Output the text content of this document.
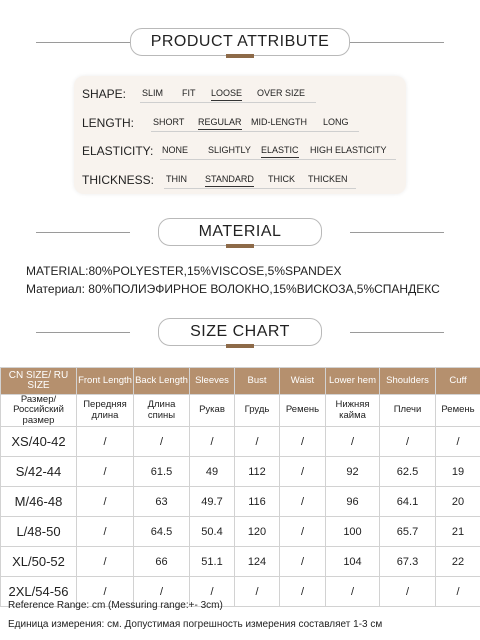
PRODUCT ATTRIBUTE
SHAPE: SLIM FIT LOOSE OVER SIZE
LENGTH: SHORT REGULAR MID-LENGTH LONG
ELASTICITY: NONE SLIGHTLY ELASTIC HIGH ELASTICITY
THICKNESS: THIN STANDARD THICK THICKEN
MATERIAL
MATERIAL:80%POLYESTER,15%VISCOSE,5%SPANDEX
Материал: 80%ПОЛИЭФИРНОЕ ВОЛОКНО,15%ВИСКОЗА,5%СПАНДЕКС
SIZE CHART
CN SIZE/ RU SIZE	Front Length	Back Length	Sleeves	Bust	Waist	Lower hem	Shoulders	Cuff
Размер/ Российский размер	Передняя длина	Длина спины	Рукав	Грудь	Ремень	Нижняя кайма	Плечи	Ремень
XS/40-42	/	/	/	/	/	/	/	/
S/42-44	/	61.5	49	112	/	92	62.5	19
M/46-48	/	63	49.7	116	/	96	64.1	20
L/48-50	/	64.5	50.4	120	/	100	65.7	21
XL/50-52	/	66	51.1	124	/	104	67.3	22
2XL/54-56	/	/	/	/	/	/	/	/
Reference Range: cm (Messuring range:+- 3cm)
Единица измерения: см. Допустимая погрешность измерения составляет 1-3 см
